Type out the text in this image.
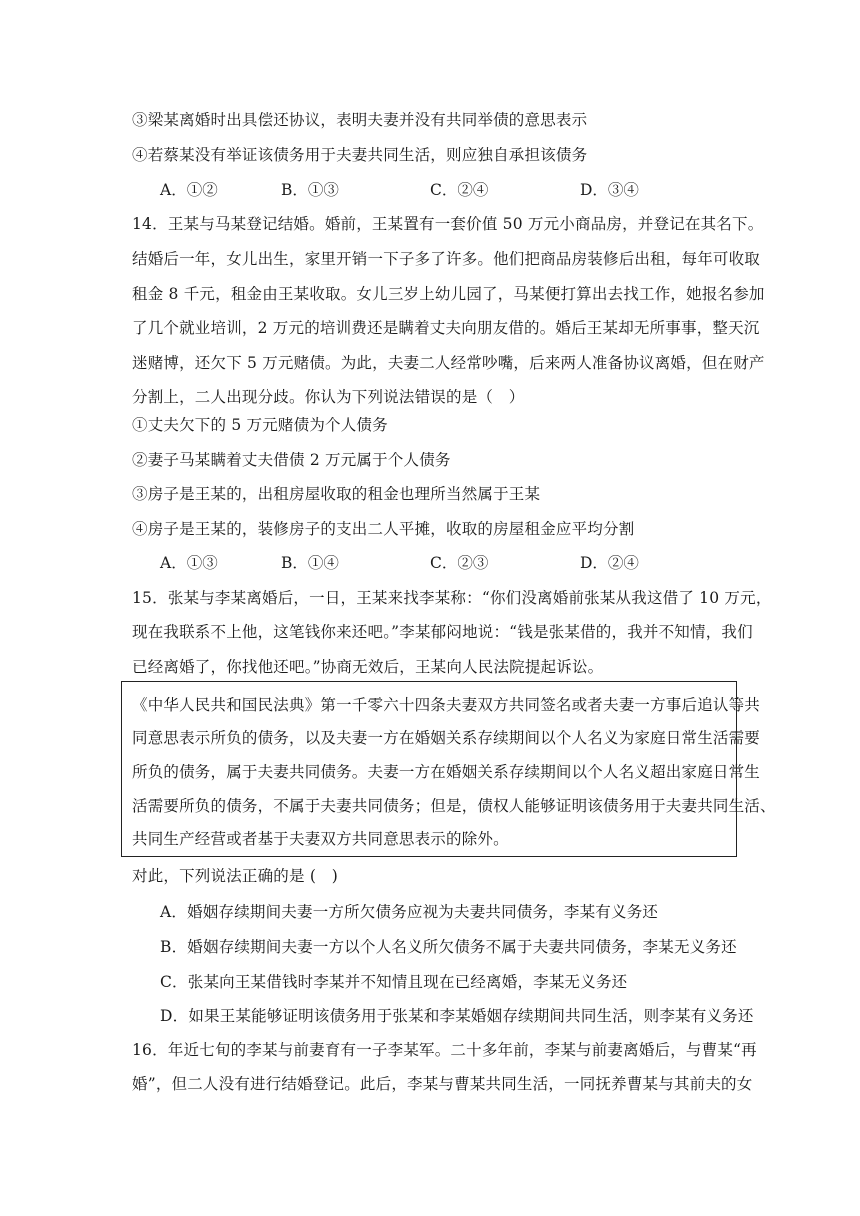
③梁某离婚时出具偿还协议，表明夫妻并没有共同举债的意思表示
④若蔡某没有举证该债务用于夫妻共同生活，则应独自承担该债务
A．①②	B．①③	C．②④	D．③④
14．王某与马某登记结婚。婚前，王某置有一套价值 50 万元小商品房，并登记在其名下。
结婚后一年，女儿出生，家里开销一下子多了许多。他们把商品房装修后出租，每年可收取
租金 8 千元，租金由王某收取。女儿三岁上幼儿园了，马某便打算出去找工作，她报名参加
了几个就业培训，2 万元的培训费还是瞒着丈夫向朋友借的。婚后王某却无所事事，整天沉
迷赌博，还欠下 5 万元赌债。为此，夫妻二人经常吵嘴，后来两人准备协议离婚，但在财产
分割上，二人出现分歧。你认为下列说法错误的是（　）
①丈夫欠下的 5 万元赌债为个人债务
②妻子马某瞒着丈夫借债 2 万元属于个人债务
③房子是王某的，出租房屋收取的租金也理所当然属于王某
④房子是王某的，装修房子的支出二人平摊，收取的房屋租金应平均分割
A．①③	B．①④	C．②③	D．②④
15．张某与李某离婚后，一日，王某来找李某称：“你们没离婚前张某从我这借了 10 万元，
现在我联系不上他，这笔钱你来还吧。”李某郁闷地说：“钱是张某借的，我并不知情，我们
已经离婚了，你找他还吧。”协商无效后，王某向人民法院提起诉讼。
《中华人民共和国民法典》第一千零六十四条夫妻双方共同签名或者夫妻一方事后追认等共
同意思表示所负的债务，以及夫妻一方在婚姻关系存续期间以个人名义为家庭日常生活需要
所负的债务，属于夫妻共同债务。夫妻一方在婚姻关系存续期间以个人名义超出家庭日常生
活需要所负的债务，不属于夫妻共同债务；但是，债权人能够证明该债务用于夫妻共同生活、
共同生产经营或者基于夫妻双方共同意思表示的除外。
对此，下列说法正确的是 (　)
A．婚姻存续期间夫妻一方所欠债务应视为夫妻共同债务，李某有义务还
B．婚姻存续期间夫妻一方以个人名义所欠债务不属于夫妻共同债务，李某无义务还
C．张某向王某借钱时李某并不知情且现在已经离婚，李某无义务还
D．如果王某能够证明该债务用于张某和李某婚姻存续期间共同生活，则李某有义务还
16．年近七旬的李某与前妻育有一子李某军。二十多年前，李某与前妻离婚后，与曹某“再
婚”，但二人没有进行结婚登记。此后，李某与曹某共同生活，一同抚养曹某与其前夫的女
